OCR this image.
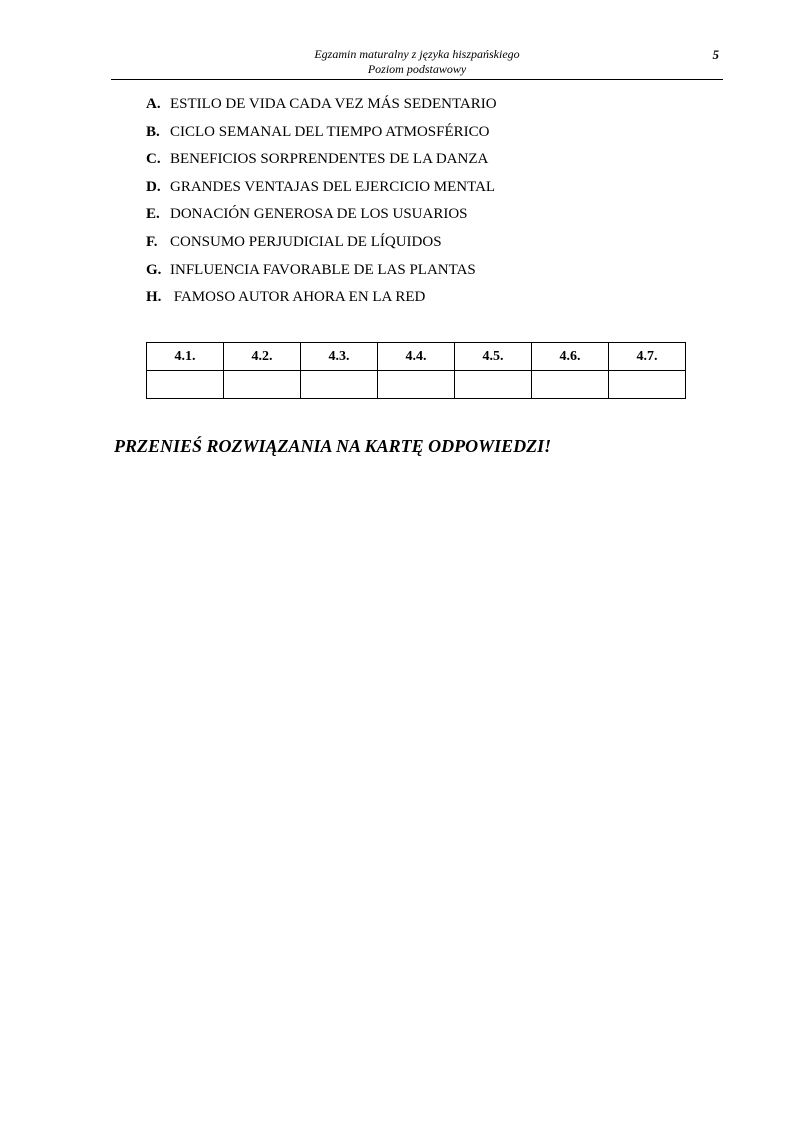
Egzamin maturalny z języka hiszpańskiego
Poziom podstawowy
5
A. ESTILO DE VIDA CADA VEZ MÁS SEDENTARIO
B. CICLO SEMANAL DEL TIEMPO ATMOSFÉRICO
C. BENEFICIOS SORPRENDENTES DE LA DANZA
D. GRANDES VENTAJAS DEL EJERCICIO MENTAL
E. DONACIÓN GENEROSA DE LOS USUARIOS
F. CONSUMO PERJUDICIAL DE LÍQUIDOS
G. INFLUENCIA FAVORABLE DE LAS PLANTAS
H. FAMOSO AUTOR AHORA EN LA RED
4.1.	4.2.	4.3.	4.4.	4.5.	4.6.	4.7.

PRZENIEŚ ROZWIĄZANIA NA KARTĘ ODPOWIEDZI!
